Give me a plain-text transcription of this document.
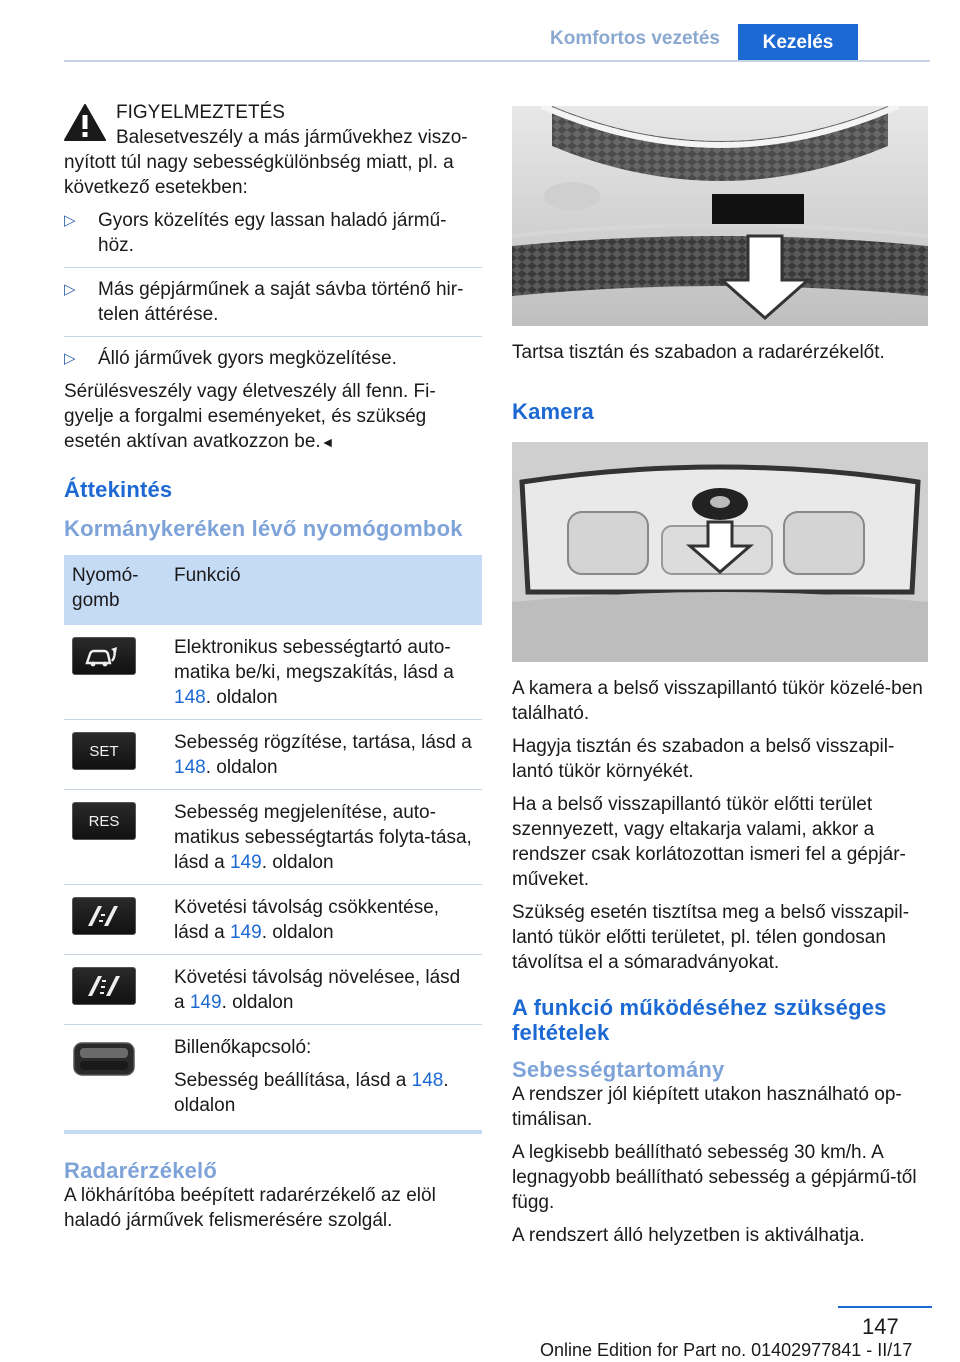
Komfortos vezetés	Kezelés
FIGYELMEZTETÉS
Balesetveszély a más járművekhez viszo-

nyított túl nagy sebességkülönbség miatt, pl. a következő esetekben:

▷ Gyors közelítés egy lassan haladó jármű-höz.
▷ Más gépjárműnek a saját sávba történő hir-telen áttérése.
▷ Álló járművek gyors megközelítése.

Sérülésveszély vagy életveszély áll fenn. Fi-gyelje a forgalmi eseményeket, és szükség esetén aktívan avatkozzon be.◄

Áttekintés
Kormánykeréken lévő nyomógombok
Nyomó-gomb	Funkció

	Elektronikus sebességtartó auto-matika be/ki, megszakítás, lásd a 148. oldalon

SET	Sebesség rögzítése, tartása, lásd a 148. oldalon

RES	Sebesség megjelenítése, auto-matikus sebességtartás folyta-tása, lásd a 149. oldalon

	Követési távolság csökkentése, lásd a 149. oldalon

	Követési távolság növelésee, lásd a 149. oldalon

Billenőkapcsoló:
Sebesség beállítása, lásd a 148. oldalon
Radarérzékelő

A lökhárítóba beépített radarérzékelő az elöl haladó járművek felismerésére szolgál.

Tartsa tisztán és szabadon a radarérzékelőt.

Kamera

A kamera a belső visszapillantó tükör közelé-ben található.

Hagyja tisztán és szabadon a belső visszapil-lantó tükör környékét.

Ha a belső visszapillantó tükör előtti terület szennyezett, vagy eltakarja valami, akkor a rendszer csak korlátozottan ismeri fel a gépjár-műveket.

Szükség esetén tisztítsa meg a belső visszapil-lantó tükör előtti területet, pl. télen gondosan távolítsa el a sómaradványokat.

A funkció működéséhez szükséges feltételek
Sebességtartomány

A rendszer jól kiépített utakon használható op-timálisan.

A legkisebb beállítható sebesség 30 km/h. A legnagyobb beállítható sebesség a gépjármű-től függ.

A rendszert álló helyzetben is aktiválhatja.

147
Online Edition for Part no. 01402977841 - II/17
